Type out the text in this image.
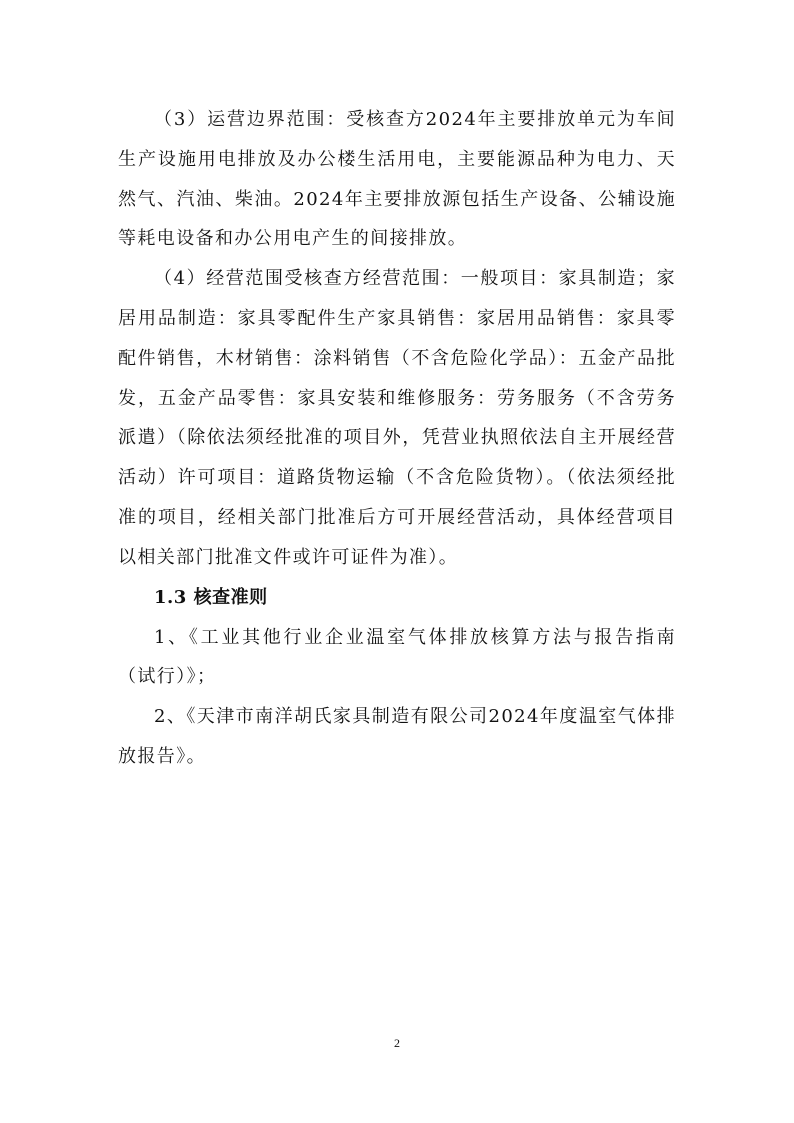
（3）运营边界范围：受核查方2024年主要排放单元为车间生产设施用电排放及办公楼生活用电，主要能源品种为电力、天然气、汽油、柴油。2024年主要排放源包括生产设备、公辅设施等耗电设备和办公用电产生的间接排放。

（4）经营范围受核查方经营范围：一般项目：家具制造；家居用品制造：家具零配件生产家具销售：家居用品销售：家具零配件销售，木材销售：涂料销售（不含危险化学品）：五金产品批发，五金产品零售：家具安装和维修服务：劳务服务（不含劳务派遣）（除依法须经批准的项目外，凭营业执照依法自主开展经营活动）许可项目：道路货物运输（不含危险货物）。（依法须经批准的项目，经相关部门批准后方可开展经营活动，具体经营项目以相关部门批准文件或许可证件为准）。

1.3 核查准则

1、《工业其他行业企业温室气体排放核算方法与报告指南（试行）》；

2、《天津市南洋胡氏家具制造有限公司2024年度温室气体排放报告》。

2
